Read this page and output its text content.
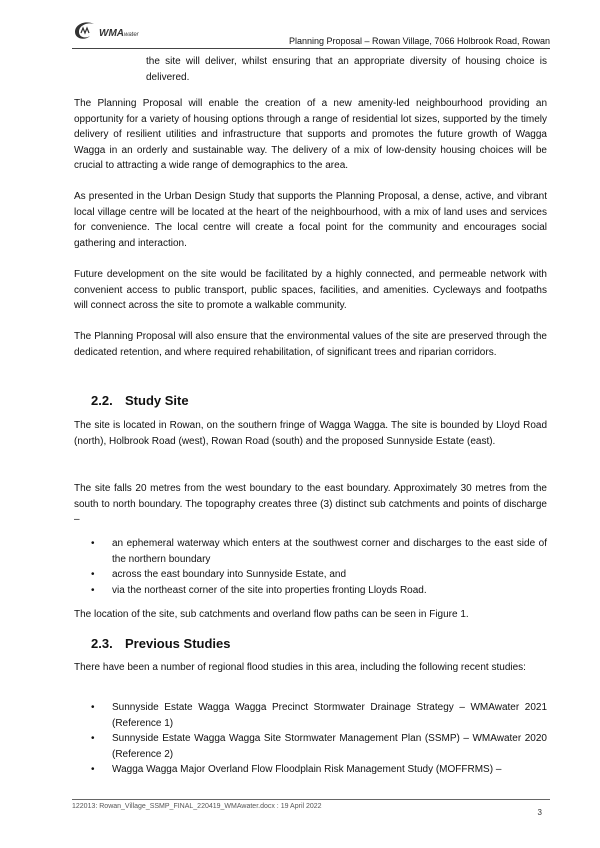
WMAwater
Planning Proposal – Rowan Village, 7066 Holbrook Road, Rowan

the site will deliver, whilst ensuring that an appropriate diversity of housing choice is delivered.

The Planning Proposal will enable the creation of a new amenity-led neighbourhood providing an opportunity for a variety of housing options through a range of residential lot sizes, supported by the timely delivery of resilient utilities and infrastructure that supports and promotes the future growth of Wagga Wagga in an orderly and sustainable way. The delivery of a mix of low-density housing choices will be crucial to attracting a wide range of demographics to the area.

As presented in the Urban Design Study that supports the Planning Proposal, a dense, active, and vibrant local village centre will be located at the heart of the neighbourhood, with a mix of land uses and services for convenience. The local centre will create a focal point for the community and encourages social gathering and interaction.

Future development on the site would be facilitated by a highly connected, and permeable network with convenient access to public transport, public spaces, facilities, and amenities. Cycleways and footpaths will connect across the site to promote a walkable community.

The Planning Proposal will also ensure that the environmental values of the site are preserved through the dedicated retention, and where required rehabilitation, of significant trees and riparian corridors.

2.2. Study Site

The site is located in Rowan, on the southern fringe of Wagga Wagga. The site is bounded by Lloyd Road (north), Holbrook Road (west), Rowan Road (south) and the proposed Sunnyside Estate (east).

The site falls 20 metres from the west boundary to the east boundary. Approximately 30 metres from the south to north boundary. The topography creates three (3) distinct sub catchments and points of discharge –

• an ephemeral waterway which enters at the southwest corner and discharges to the east side of the northern boundary
• across the east boundary into Sunnyside Estate, and
• via the northeast corner of the site into properties fronting Lloyds Road.

The location of the site, sub catchments and overland flow paths can be seen in Figure 1.

2.3. Previous Studies

There have been a number of regional flood studies in this area, including the following recent studies:

• Sunnyside Estate Wagga Wagga Precinct Stormwater Drainage Strategy – WMAwater 2021 (Reference 1)
• Sunnyside Estate Wagga Wagga Site Stormwater Management Plan (SSMP) – WMAwater 2020 (Reference 2)
• Wagga Wagga Major Overland Flow Floodplain Risk Management Study (MOFFRMS) –
122013: Rowan_Village_SSMP_FINAL_220419_WMAwater.docx : 19 April 2022
3
